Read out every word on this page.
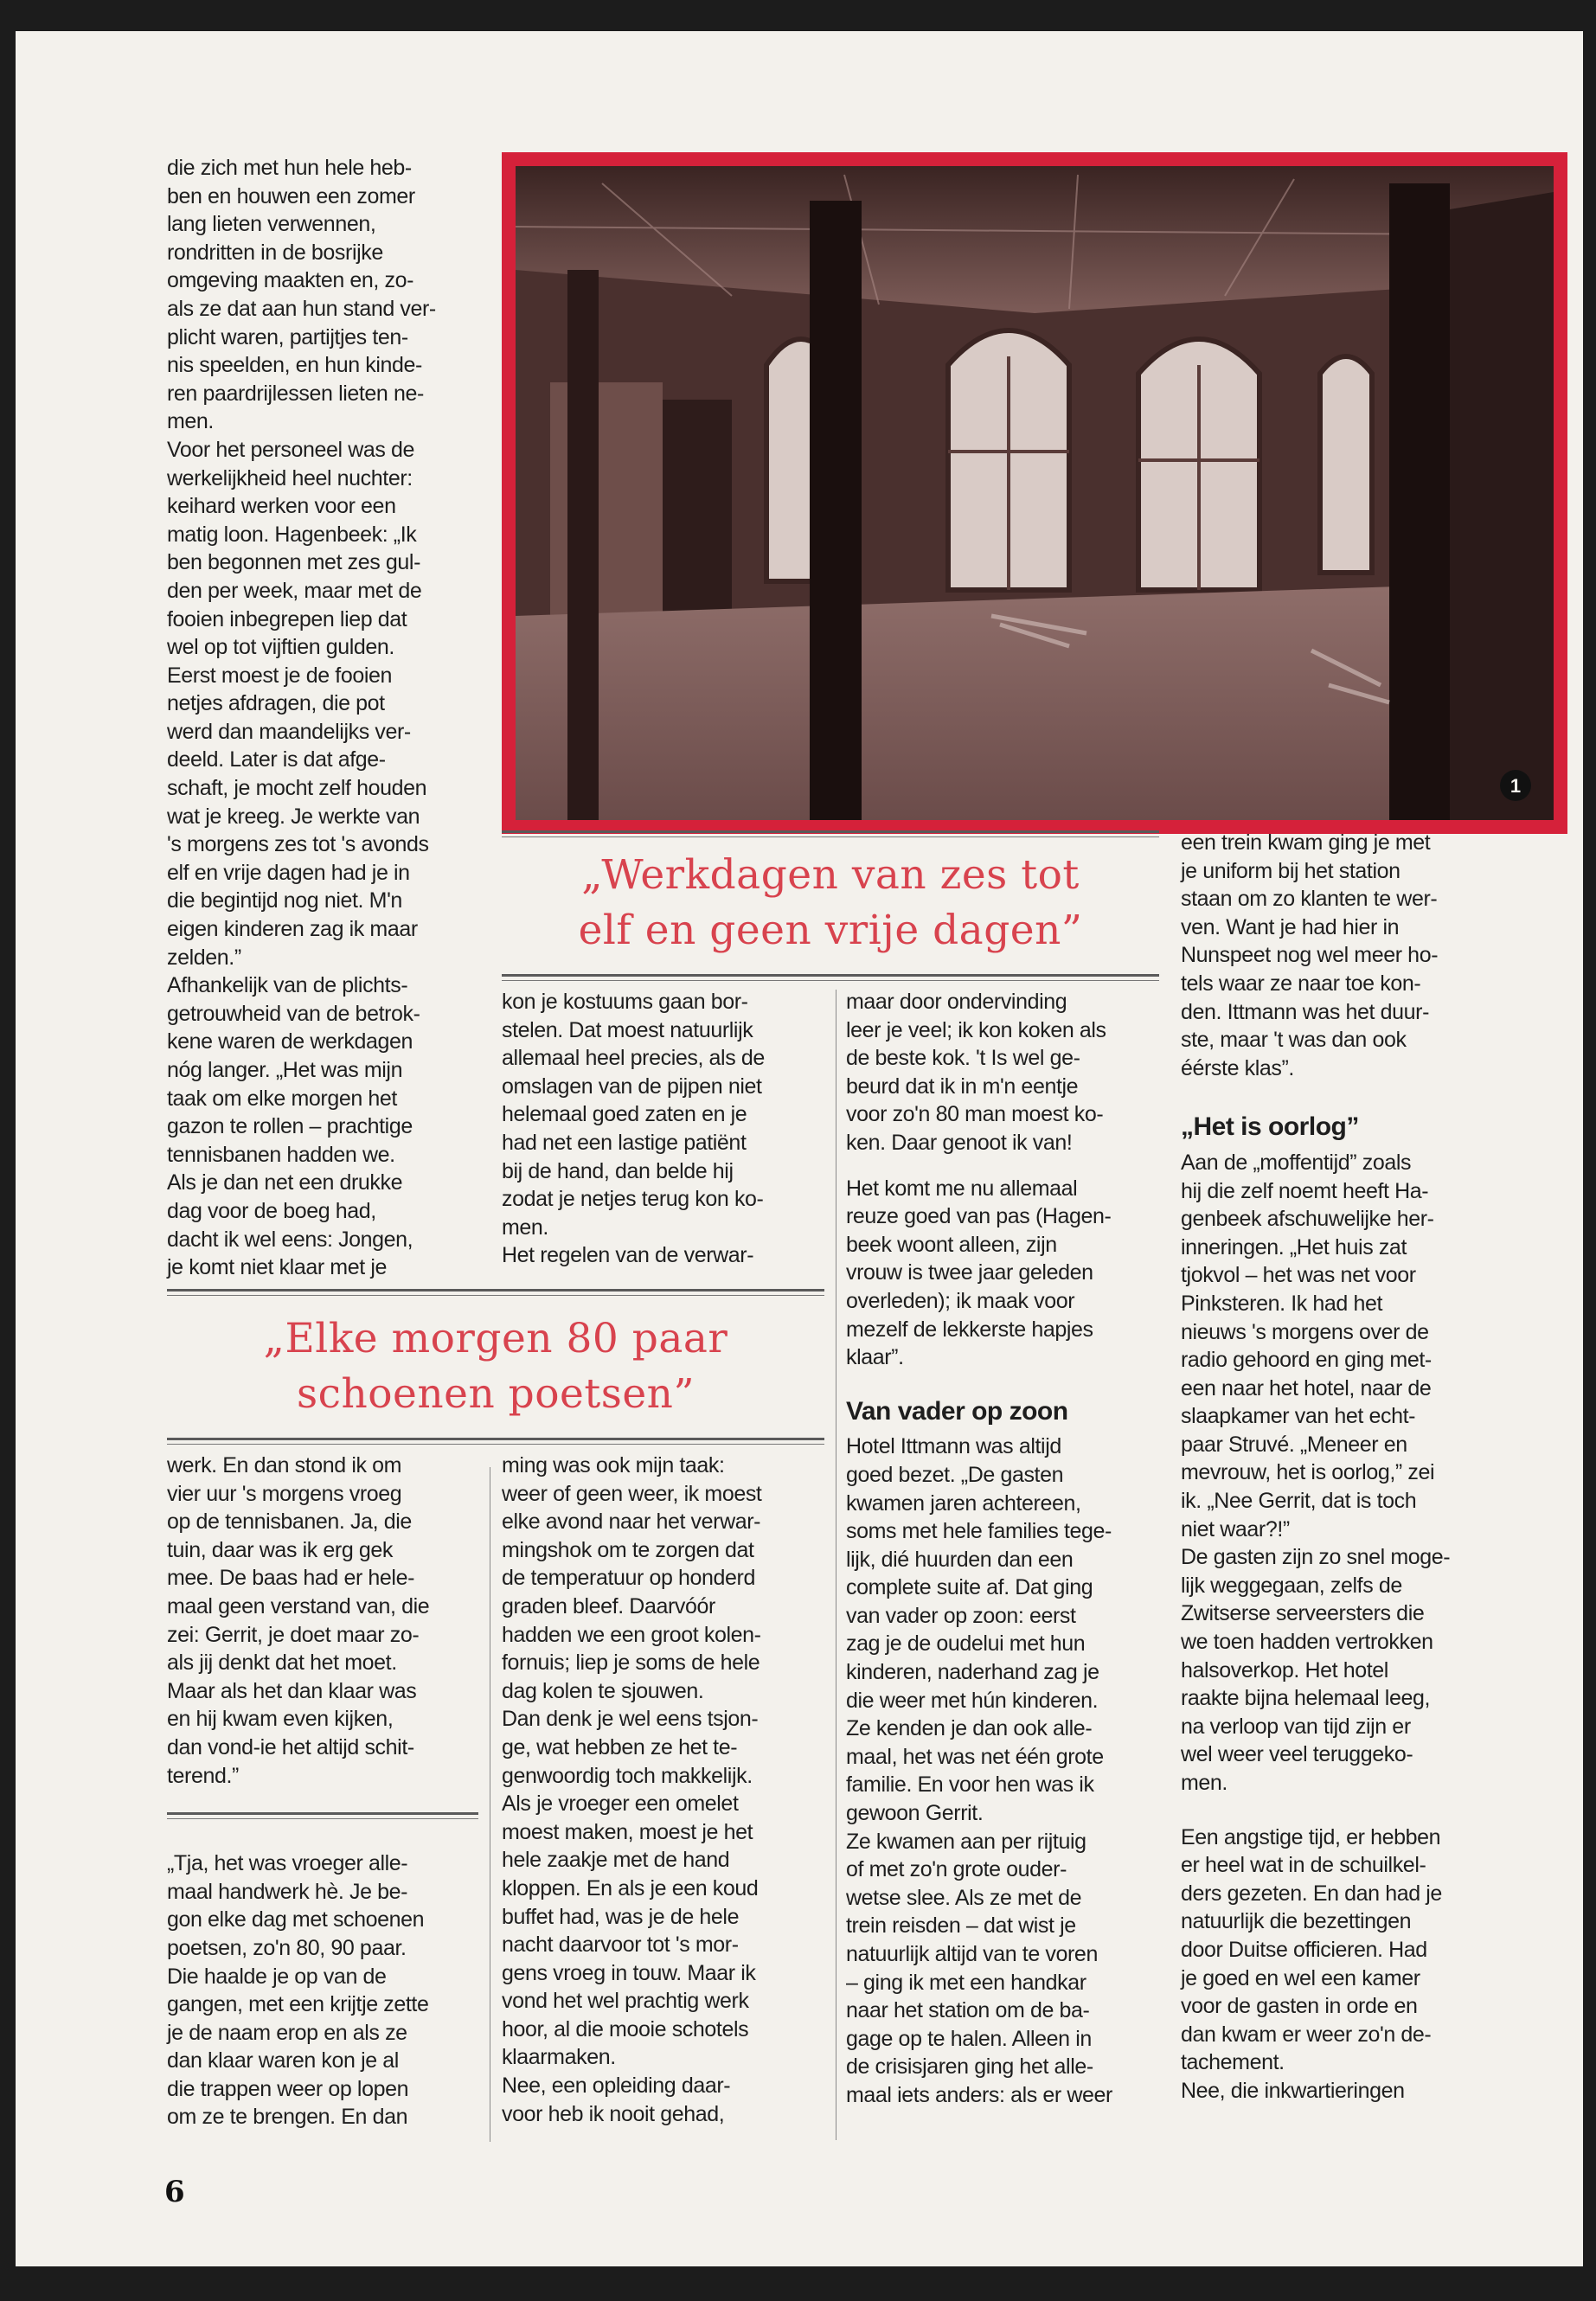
die zich met hun hele heb-
ben en houwen een zomer
lang lieten verwennen,
rondritten in de bosrijke
omgeving maakten en, zo-
als ze dat aan hun stand ver-
plicht waren, partijtjes ten-
nis speelden, en hun kinde-
ren paardrijlessen lieten ne-
men.
Voor het personeel was de
werkelijkheid heel nuchter:
keihard werken voor een
matig loon. Hagenbeek: „Ik
ben begonnen met zes gul-
den per week, maar met de
fooien inbegrepen liep dat
wel op tot vijftien gulden.
Eerst moest je de fooien
netjes afdragen, die pot
werd dan maandelijks ver-
deeld. Later is dat afge-
schaft, je mocht zelf houden
wat je kreeg. Je werkte van
's morgens zes tot 's avonds
elf en vrije dagen had je in
die begintijd nog niet. M'n
eigen kinderen zag ik maar
zelden.”
Afhankelijk van de plichts-
getrouwheid van de betrok-
kene waren de werkdagen
nóg langer. „Het was mijn
taak om elke morgen het
gazon te rollen – prachtige
tennisbanen hadden we.
Als je dan net een drukke
dag voor de boeg had,
dacht ik wel eens: Jongen,
je komt niet klaar met je
1
„Werkdagen van zes tot
elf en geen vrije dagen”
kon je kostuums gaan bor-
stelen. Dat moest natuurlijk
allemaal heel precies, als de
omslagen van de pijpen niet
helemaal goed zaten en je
had net een lastige patiënt
bij de hand, dan belde hij
zodat je netjes terug kon ko-
men.
Het regelen van de verwar-
maar door ondervinding
leer je veel; ik kon koken als
de beste kok. 't Is wel ge-
beurd dat ik in m'n eentje
voor zo'n 80 man moest ko-
ken. Daar genoot ik van!
Het komt me nu allemaal
reuze goed van pas (Hagen-
beek woont alleen, zijn
vrouw is twee jaar geleden
overleden); ik maak voor
mezelf de lekkerste hapjes
klaar”.
Van vader op zoon
Hotel Ittmann was altijd
goed bezet. „De gasten
kwamen jaren achtereen,
soms met hele families tege-
lijk, dié huurden dan een
complete suite af. Dat ging
van vader op zoon: eerst
zag je de oudelui met hun
kinderen, naderhand zag je
die weer met hún kinderen.
Ze kenden je dan ook alle-
maal, het was net één grote
familie. En voor hen was ik
gewoon Gerrit.
Ze kwamen aan per rijtuig
of met zo'n grote ouder-
wetse slee. Als ze met de
trein reisden – dat wist je
natuurlijk altijd van te voren
– ging ik met een handkar
naar het station om de ba-
gage op te halen. Alleen in
de crisisjaren ging het alle-
maal iets anders: als er weer
een trein kwam ging je met
je uniform bij het station
staan om zo klanten te wer-
ven. Want je had hier in
Nunspeet nog wel meer ho-
tels waar ze naar toe kon-
den. Ittmann was het duur-
ste, maar 't was dan ook
éérste klas”.
„Het is oorlog”
Aan de „moffentijd” zoals
hij die zelf noemt heeft Ha-
genbeek afschuwelijke her-
inneringen. „Het huis zat
tjokvol – het was net voor
Pinksteren. Ik had het
nieuws 's morgens over de
radio gehoord en ging met-
een naar het hotel, naar de
slaapkamer van het echt-
paar Struvé. „Meneer en
mevrouw, het is oorlog,” zei
ik. „Nee Gerrit, dat is toch
niet waar?!”
De gasten zijn zo snel moge-
lijk weggegaan, zelfs de
Zwitserse serveersters die
we toen hadden vertrokken
halsoverkop. Het hotel
raakte bijna helemaal leeg,
na verloop van tijd zijn er
wel weer veel teruggeko-
men.
Een angstige tijd, er hebben
er heel wat in de schuilkel-
ders gezeten. En dan had je
natuurlijk die bezettingen
door Duitse officieren. Had
je goed en wel een kamer
voor de gasten in orde en
dan kwam er weer zo'n de-
tachement.
Nee, die inkwartieringen
„Elke morgen 80 paar
schoenen poetsen”
werk. En dan stond ik om
vier uur 's morgens vroeg
op de tennisbanen. Ja, die
tuin, daar was ik erg gek
mee. De baas had er hele-
maal geen verstand van, die
zei: Gerrit, je doet maar zo-
als jij denkt dat het moet.
Maar als het dan klaar was
en hij kwam even kijken,
dan vond-ie het altijd schit-
terend.”
„Tja, het was vroeger alle-
maal handwerk hè. Je be-
gon elke dag met schoenen
poetsen, zo'n 80, 90 paar.
Die haalde je op van de
gangen, met een krijtje zette
je de naam erop en als ze
dan klaar waren kon je al
die trappen weer op lopen
om ze te brengen. En dan
ming was ook mijn taak:
weer of geen weer, ik moest
elke avond naar het verwar-
mingshok om te zorgen dat
de temperatuur op honderd
graden bleef. Daarvóór
hadden we een groot kolen-
fornuis; liep je soms de hele
dag kolen te sjouwen.
Dan denk je wel eens tsjon-
ge, wat hebben ze het te-
genwoordig toch makkelijk.
Als je vroeger een omelet
moest maken, moest je het
hele zaakje met de hand
kloppen. En als je een koud
buffet had, was je de hele
nacht daarvoor tot 's mor-
gens vroeg in touw. Maar ik
vond het wel prachtig werk
hoor, al die mooie schotels
klaarmaken.
Nee, een opleiding daar-
voor heb ik nooit gehad,
6
